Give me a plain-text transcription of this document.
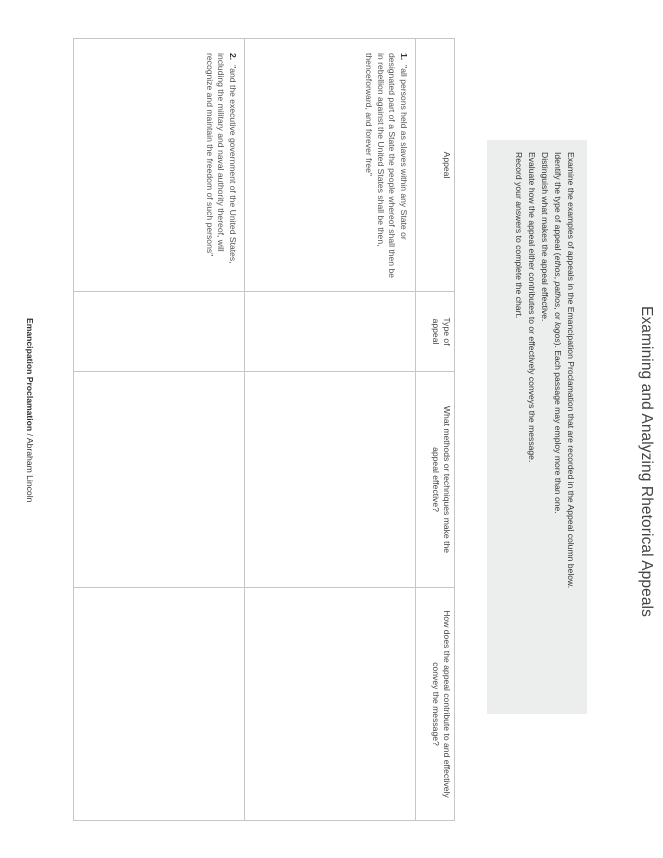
Examining and Analyzing Rhetorical Appeals

Examine the examples of appeals in the Emancipation Proclamation that are recorded in the Appeal column below.

Identify the type of appeal (ethos, pathos, or logos). Each passage may employ more than one.

Distinguish what makes the appeal effective.

Evaluate how the appeal either contributes to or effectively conveys the message.

Record your answers to complete the chart.

Appeal	Type of appeal	What methods or techniques make the appeal effective?	How does the appeal contribute to and effectively convey the message?

1."all persons held as slaves within any State or designated part of a State the people whereof shall then be in rebellion against the United States shall be then, thenceforward, and forever free"			

2."and the executive government of the United States, including the military and naval authority thereof, will recognize and maintain the freedom of such persons"			

Emancipation Proclamation / Abraham Lincoln
